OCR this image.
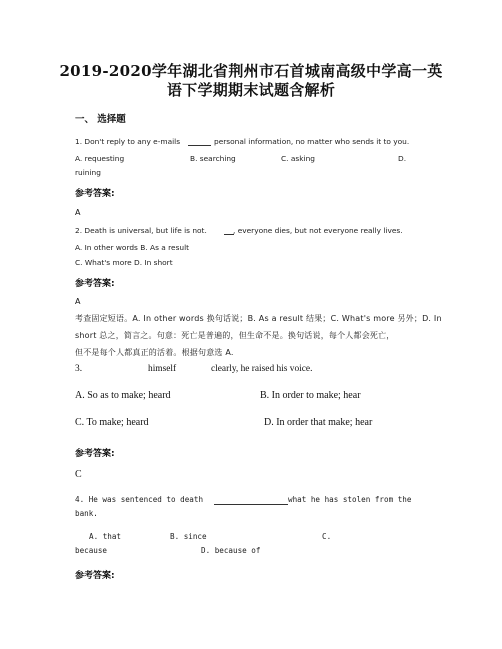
2019-2020学年湖北省荆州市石首城南高级中学高一英
语下学期期末试题含解析
一、 选择题
1. Don't reply to any e-mails	personal information, no matter who sends it to you.
A. requesting	B. searching	C. asking	D.
ruining
参考答案:
A
2. Death is universal, but life is not.	, everyone dies, but not everyone really lives.
A. In other words B. As a result
C. What's more D. In short
参考答案:
A
考查固定短语。A. In other words 换句话说；B. As a result 结果；C. What's more 另外；D. In
short 总之，简言之。句意：死亡是普遍的，但生命不是。换句话说，每个人都会死亡，
但不是每个人都真正的活着。根据句意选 A.
3.	himself	clearly, he raised his voice.
A. So as to make; heard	B. In order to make; hear
C. To make; heard	D. In order that make; hear
参考答案:
C
4. He was sentenced to death	what he has stolen from the
bank.
A. that	B. since	C.
because	D. because of
参考答案:
